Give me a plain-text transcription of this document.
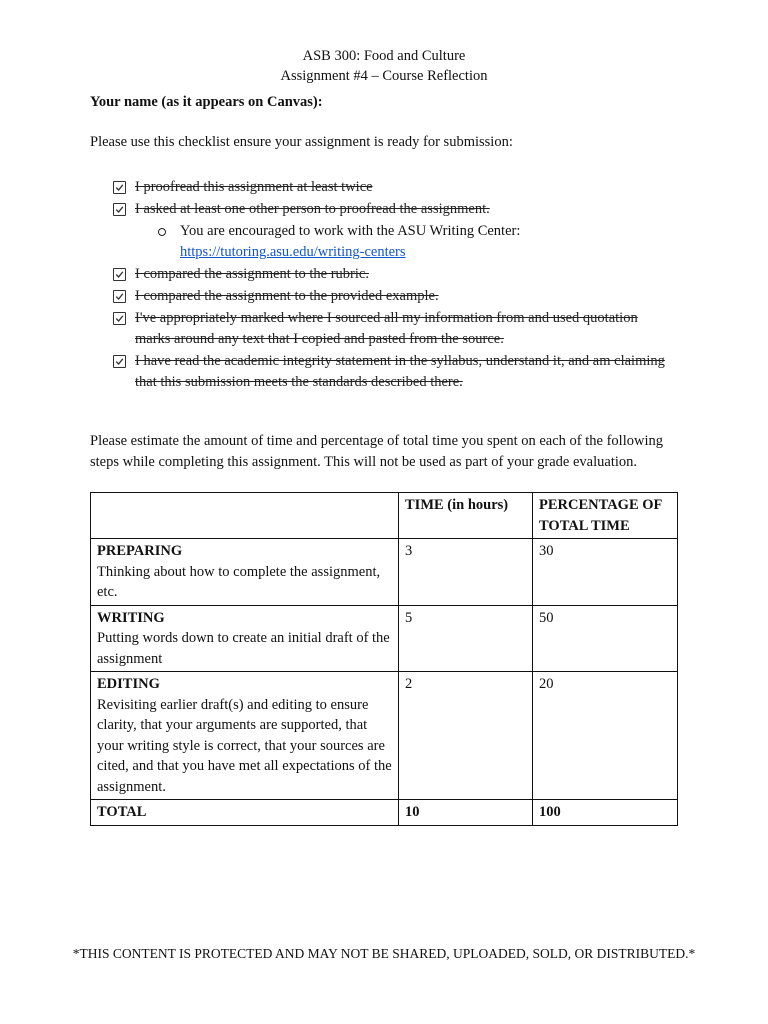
ASB 300: Food and Culture
Assignment #4 – Course Reflection
Your name (as it appears on Canvas):
Please use this checklist ensure your assignment is ready for submission:
I proofread this assignment at least twice
I asked at least one other person to proofread the assignment.
You are encouraged to work with the ASU Writing Center:
https://tutoring.asu.edu/writing-centers
I compared the assignment to the rubric.
I compared the assignment to the provided example.
I've appropriately marked where I sourced all my information from and used quotation marks around any text that I copied and pasted from the source.
I have read the academic integrity statement in the syllabus, understand it, and am claiming that this submission meets the standards described there.
Please estimate the amount of time and percentage of total time you spent on each of the following steps while completing this assignment. This will not be used as part of your grade evaluation.
	TIME (in hours)	PERCENTAGE OF TOTAL TIME

PREPARING
Thinking about how to complete the assignment, etc.	3	30

WRITING
Putting words down to create an initial draft of the assignment	5	50

EDITING
Revisiting earlier draft(s) and editing to ensure clarity, that your arguments are supported, that your writing style is correct, that your sources are cited, and that you have met all expectations of the assignment.	2	20
TOTAL	10	100
*THIS CONTENT IS PROTECTED AND MAY NOT BE SHARED, UPLOADED, SOLD, OR DISTRIBUTED.*
